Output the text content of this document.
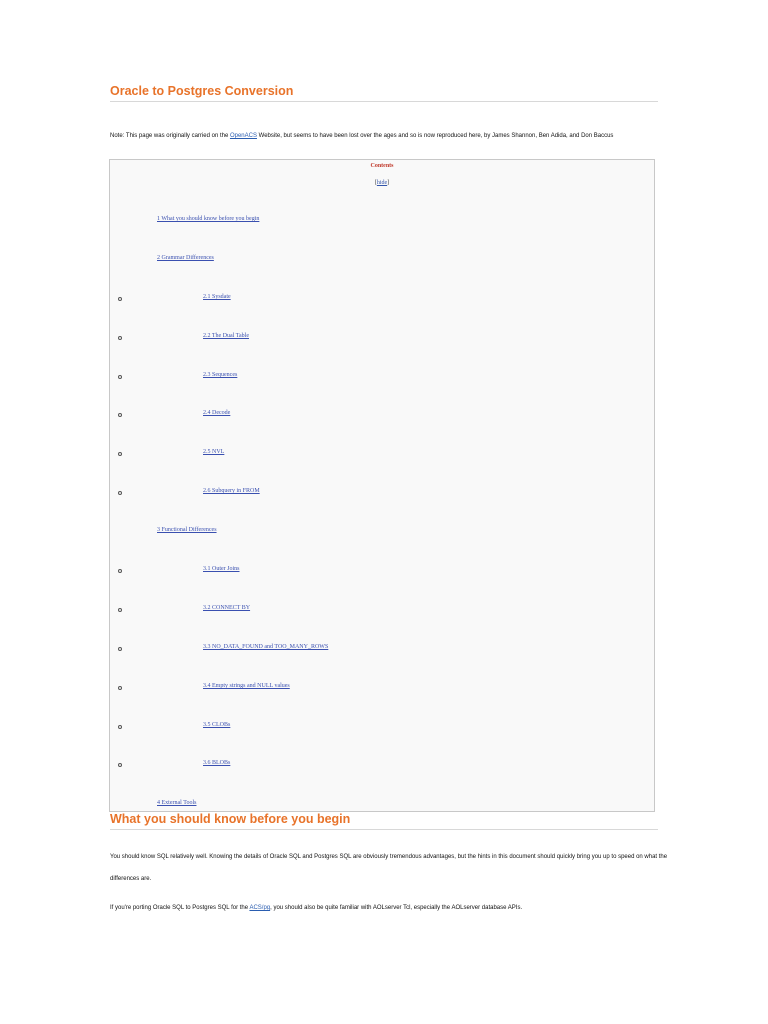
Oracle to Postgres Conversion
Note: This page was originally carried on the OpenACS Website, but seems to have been lost over the ages and so is now reproduced here, by James Shannon, Ben Adida, and Don Baccus
Contents
[hide]
1 What you should know before you begin
2 Grammar Differences
2.1 Sysdate
2.2 The Dual Table
2.3 Sequences
2.4 Decode
2.5 NVL
2.6 Subquery in FROM
3 Functional Differences
3.1 Outer Joins
3.2 CONNECT BY
3.3 NO_DATA_FOUND and TOO_MANY_ROWS
3.4 Empty strings and NULL values
3.5 CLOBs
3.6 BLOBs
4 External Tools
What you should know before you begin

You should know SQL relatively well. Knowing the details of Oracle SQL and Postgres SQL are obviously tremendous advantages, but the hints in this document should quickly bring you up to speed on what the differences are.

If you're porting Oracle SQL to Postgres SQL for the ACS/pg, you should also be quite familiar with AOLserver Tcl, especially the AOLserver database APIs.
